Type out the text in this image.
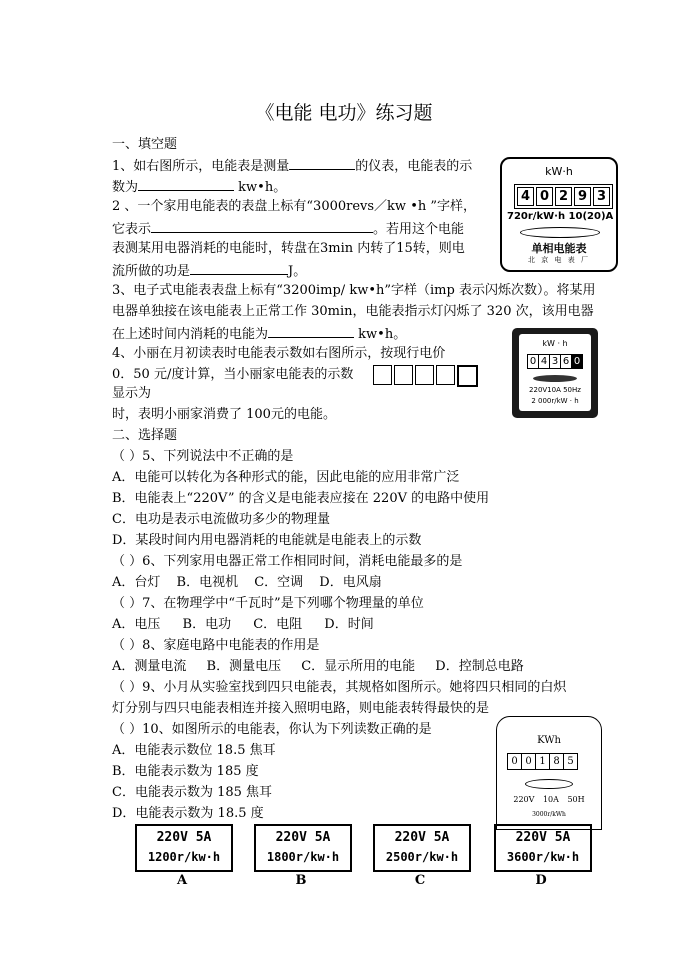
《电能 电功》练习题
一、填空题
1、如右图所示，电能表是测量	的仪表，电能表的示
数为	kw•h。
2 、一个家用电能表的表盘上标有“3000revs／kw •h ”字样，
它表示	。若用这个电能
表测某用电器消耗的电能时，转盘在3min 内转了15转，则电
流所做的功是	J。
3、电子式电能表表盘上标有“3200imp/ kw•h”字样（imp 表示闪烁次数）。将某用
电器单独接在该电能表上正常工作 30min，电能表指示灯闪烁了 320 次，该用电器
在上述时间内消耗的电能为	kw•h。
4、小丽在月初读表时电能表示数如右图所示，按现行电价
0．50 元/度计算，当小丽家电能表的示数
显示为
时，表明小丽家消费了 100元的电能。
二、选择题
（ ）5、下列说法中不正确的是
A．电能可以转化为各种形式的能，因此电能的应用非常广泛
B．电能表上“220V” 的含义是电能表应接在 220V 的电路中使用
C．电功是表示电流做功多少的物理量
D．某段时间内用电器消耗的电能就是电能表上的示数
（ ）6、下列家用电器正常工作相同时间，消耗电能最多的是
A．台灯 B．电视机 C．空调 D．电风扇
（ ）7、在物理学中“千瓦时”是下列哪个物理量的单位
A．电压 B．电功 C．电阻 D．时间
（ ）8、家庭电路中电能表的作用是
A．测量电流 B．测量电压 C．显示所用的电能 D．控制总电路
（ ）9、小月从实验室找到四只电能表，其规格如图所示。她将四只相同的白炽
灯分别与四只电能表相连并接入照明电路，则电能表转得最快的是
（ ）10、如图所示的电能表，你认为下列读数正确的是
A．电能表示数位 18.5 焦耳
B．电能表示数为 185 度
C．电能表示数为 185 焦耳
D．电能表示数为 18.5 度
kW·h
4 0 2 9 3
720r/kW·h 10(20)A
单相电能表
北 京 电 表 厂
kW · h
0 4 3 6 0
220V10A 50Hz
2 000r/kW · h
KWh
0 0 1 8 5
220V 10A 50H
3000r/kWh
220V 5A
1200r/kw·h
220V 5A
1800r/kw·h
220V 5A
2500r/kw·h
220V 5A
3600r/kw·h
A	B	C	D
